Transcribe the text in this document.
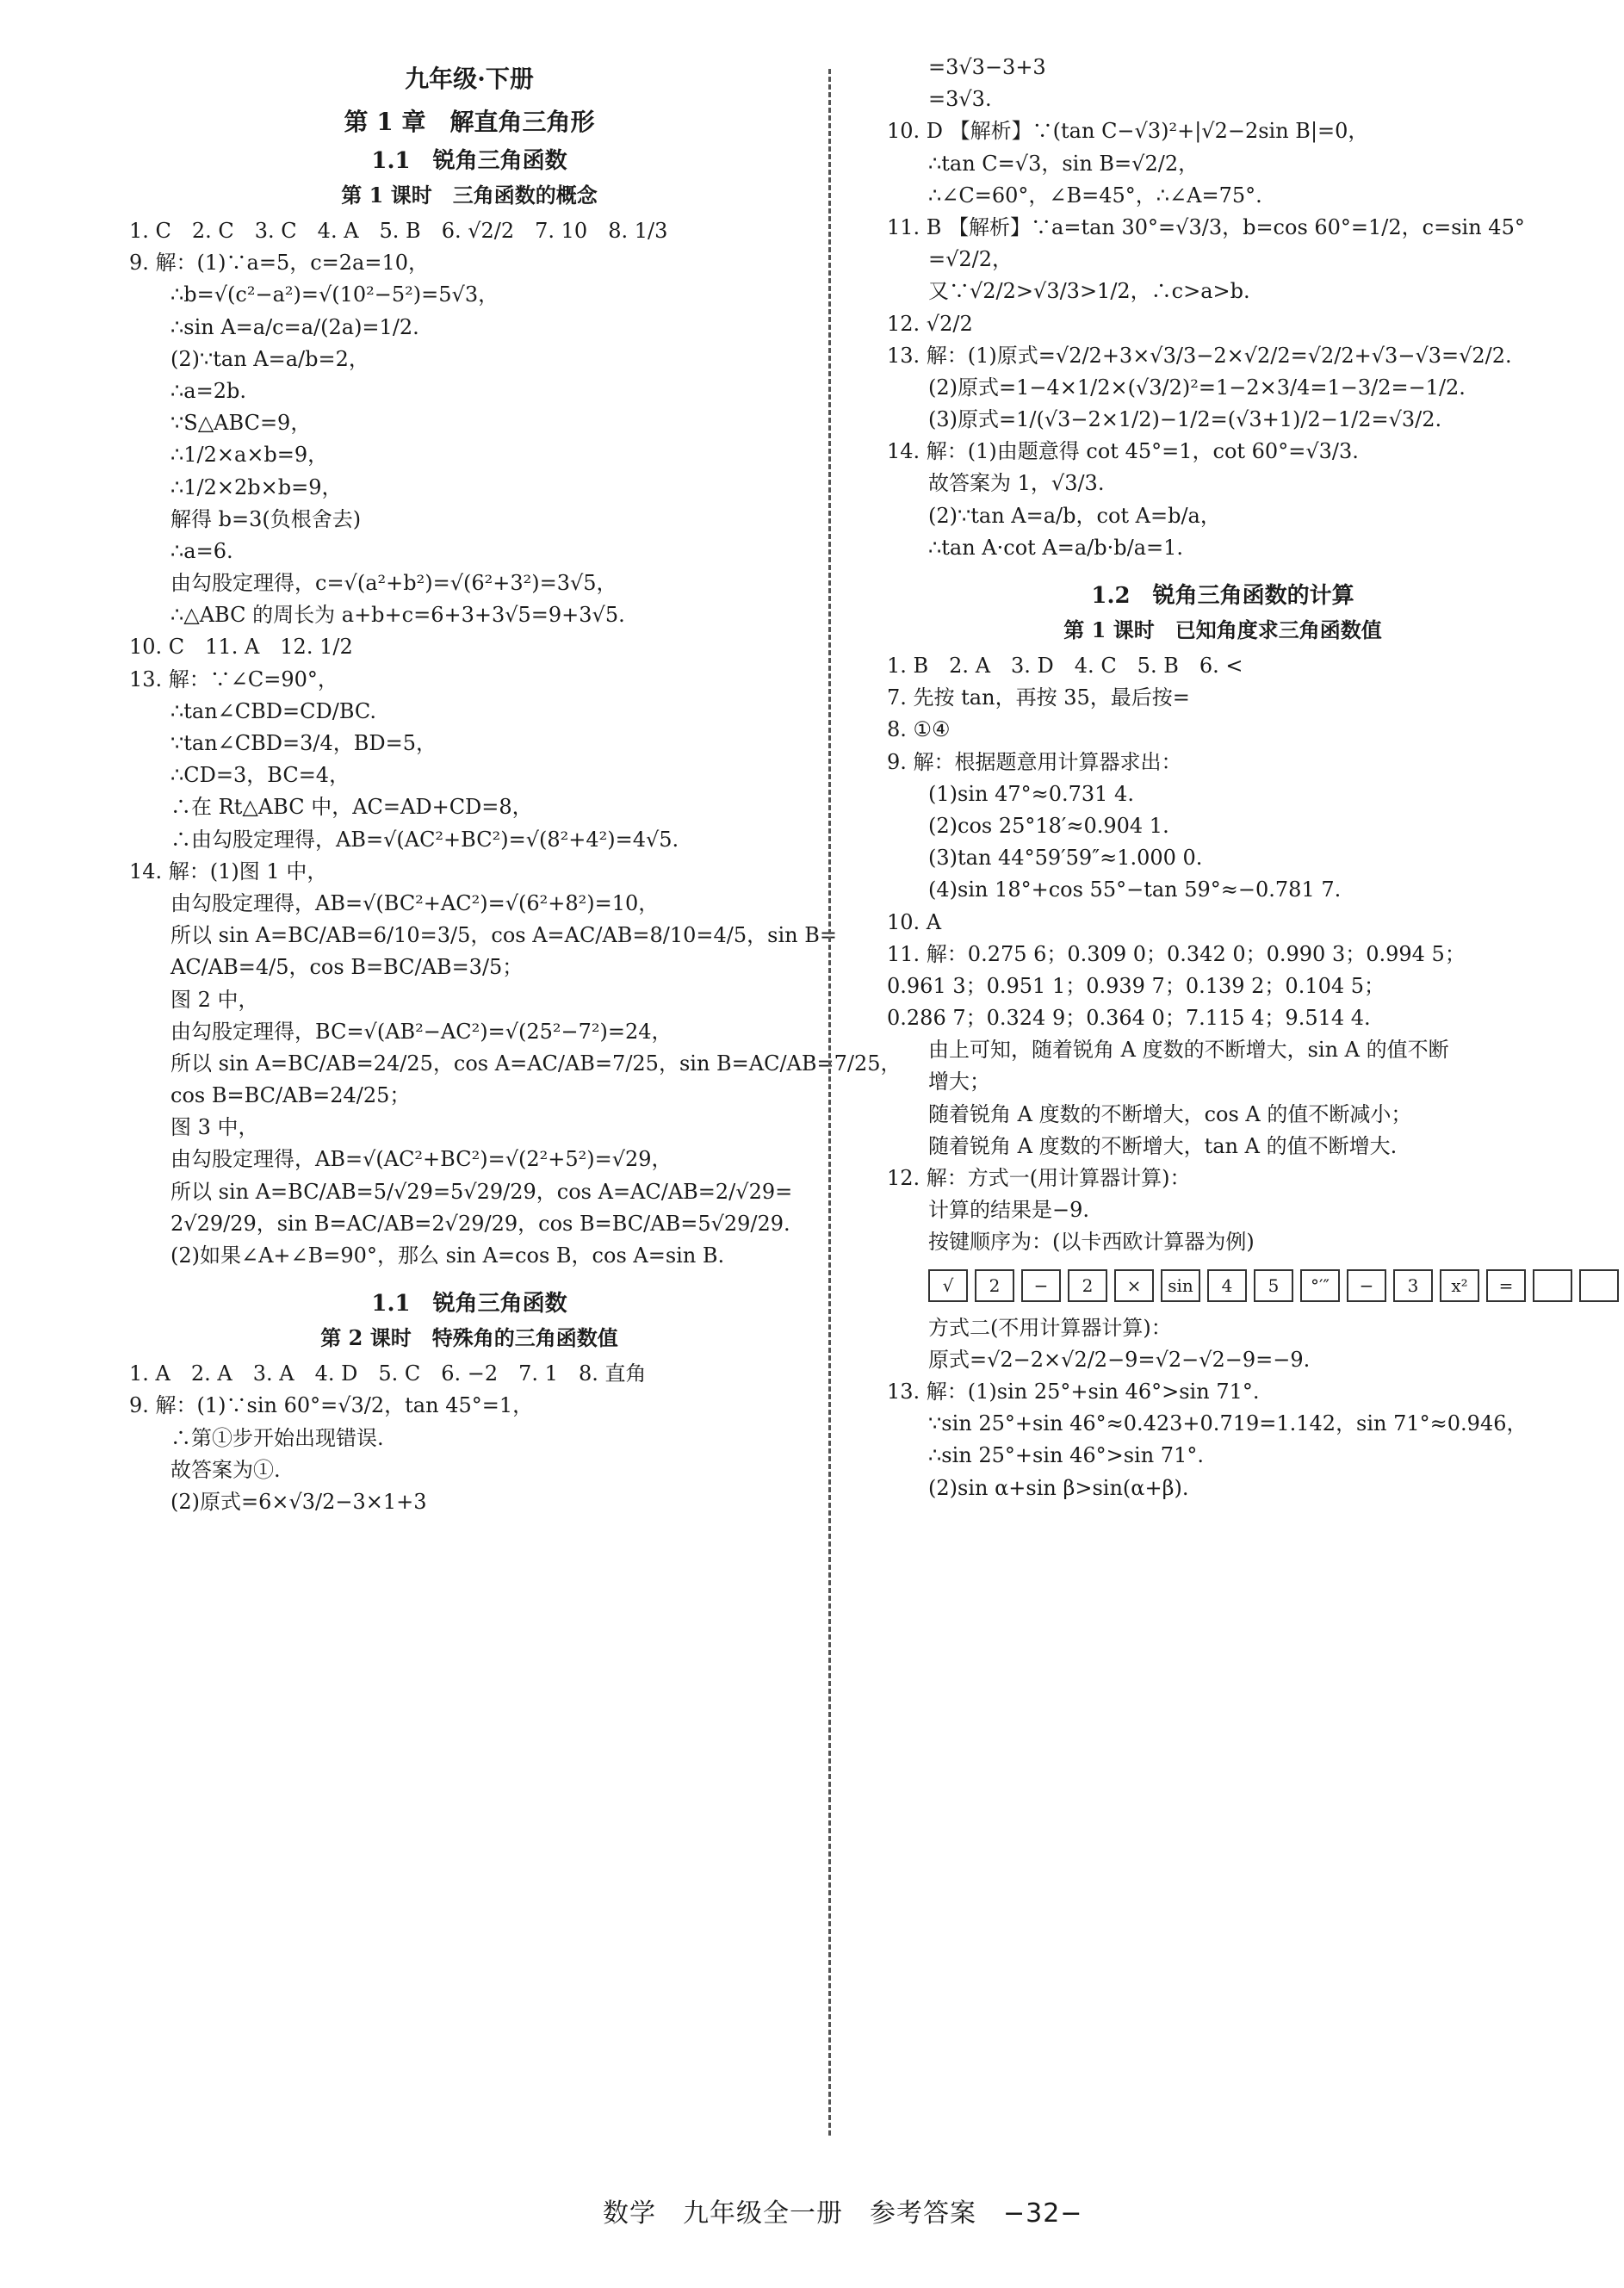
九年级·下册
第 1 章　解直角三角形
1.1　锐角三角函数
第 1 课时　三角函数的概念
1. C　2. C　3. C　4. A　5. B　6. √2/2　7. 10　8. 1/3
9. 解：(1)∵a=5，c=2a=10，
∴b=√(c²−a²)=√(10²−5²)=5√3，
∴sin A=a/c=a/(2a)=1/2.
(2)∵tan A=a/b=2，
∴a=2b.
∵S△ABC=9，
∴1/2×a×b=9，
∴1/2×2b×b=9，
解得 b=3(负根舍去)
∴a=6.
由勾股定理得，c=√(a²+b²)=√(6²+3²)=3√5，
∴△ABC 的周长为 a+b+c=6+3+3√5=9+3√5.
10. C　11. A　12. 1/2
13. 解：∵∠C=90°，
∴tan∠CBD=CD/BC.
∵tan∠CBD=3/4，BD=5，
∴CD=3，BC=4，
∴在 Rt△ABC 中，AC=AD+CD=8，
∴由勾股定理得，AB=√(AC²+BC²)=√(8²+4²)=4√5.
14. 解：(1)图 1 中，
由勾股定理得，AB=√(BC²+AC²)=√(6²+8²)=10，
所以 sin A=BC/AB=6/10=3/5，cos A=AC/AB=8/10=4/5，sin B=
AC/AB=4/5，cos B=BC/AB=3/5；
图 2 中，
由勾股定理得，BC=√(AB²−AC²)=√(25²−7²)=24，
所以 sin A=BC/AB=24/25，cos A=AC/AB=7/25，sin B=AC/AB=7/25，
cos B=BC/AB=24/25；
图 3 中，
由勾股定理得，AB=√(AC²+BC²)=√(2²+5²)=√29，
所以 sin A=BC/AB=5/√29=5√29/29，cos A=AC/AB=2/√29=
2√29/29，sin B=AC/AB=2√29/29，cos B=BC/AB=5√29/29.
(2)如果∠A+∠B=90°，那么 sin A=cos B，cos A=sin B.
1.1　锐角三角函数
第 2 课时　特殊角的三角函数值
1. A　2. A　3. A　4. D　5. C　6. −2　7. 1　8. 直角
9. 解：(1)∵sin 60°=√3/2，tan 45°=1，
∴第①步开始出现错误.
故答案为①.
(2)原式=6×√3/2−3×1+3
=3√3−3+3
=3√3.
10. D 【解析】∵(tan C−√3)²+|√2−2sin B|=0，
∴tan C=√3，sin B=√2/2，
∴∠C=60°，∠B=45°，∴∠A=75°.
11. B 【解析】∵a=tan 30°=√3/3，b=cos 60°=1/2，c=sin 45°
=√2/2，
又∵√2/2>√3/3>1/2，∴c>a>b.
12. √2/2
13. 解：(1)原式=√2/2+3×√3/3−2×√2/2=√2/2+√3−√3=√2/2.
(2)原式=1−4×1/2×(√3/2)²=1−2×3/4=1−3/2=−1/2.
(3)原式=1/(√3−2×1/2)−1/2=(√3+1)/2−1/2=√3/2.
14. 解：(1)由题意得 cot 45°=1，cot 60°=√3/3.
故答案为 1，√3/3.
(2)∵tan A=a/b，cot A=b/a，
∴tan A·cot A=a/b·b/a=1.
1.2　锐角三角函数的计算
第 1 课时　已知角度求三角函数值
1. B　2. A　3. D　4. C　5. B　6. <
7. 先按 tan，再按 35，最后按=
8. ①④
9. 解：根据题意用计算器求出：
(1)sin 47°≈0.731 4.
(2)cos 25°18′≈0.904 1.
(3)tan 44°59′59″≈1.000 0.
(4)sin 18°+cos 55°−tan 59°≈−0.781 7.
10. A
11. 解：0.275 6；0.309 0；0.342 0；0.990 3；0.994 5；
0.961 3；0.951 1；0.939 7；0.139 2；0.104 5；
0.286 7；0.324 9；0.364 0；7.115 4；9.514 4.
由上可知，随着锐角 A 度数的不断增大，sin A 的值不断
增大；
随着锐角 A 度数的不断增大，cos A 的值不断减小；
随着锐角 A 度数的不断增大，tan A 的值不断增大.
12. 解：方式一(用计算器计算)：
计算的结果是−9.
按键顺序为：(以卡西欧计算器为例)
√	2	−	2	×	sin	4	5	°′″	−	3	x²	=
方式二(不用计算器计算)：
原式=√2−2×√2/2−9=√2−√2−9=−9.
13. 解：(1)sin 25°+sin 46°>sin 71°.
∵sin 25°+sin 46°≈0.423+0.719=1.142，sin 71°≈0.946，
∴sin 25°+sin 46°>sin 71°.
(2)sin α+sin β>sin(α+β).
数学　九年级全一册　参考答案　−32−
